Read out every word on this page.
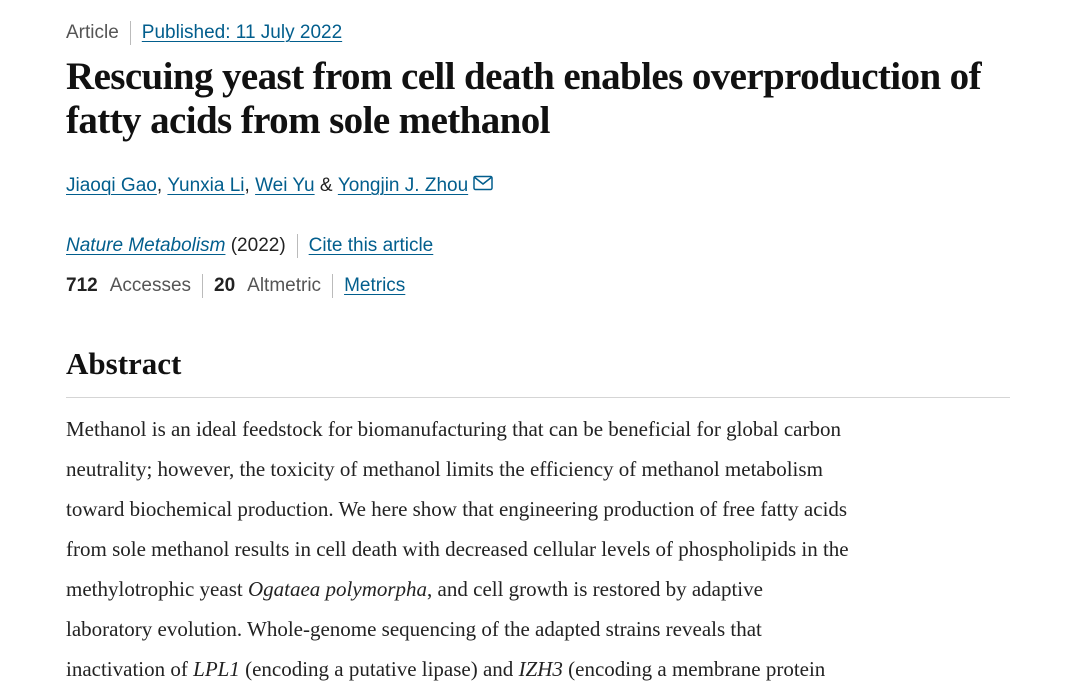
Article Published: 11 July 2022
Rescuing yeast from cell death enables overproduction of fatty acids from sole methanol
Jiaoqi Gao ,
Yunxia Li ,
Wei Yu
&
Yongjin J. Zhou
Nature Metabolism
(2022) Cite this article
712 Accesses 20 Altmetric Metrics
Abstract

Methanol is an ideal feedstock for biomanufacturing that can be beneficial for global carbon
neutrality; however, the toxicity of methanol limits the efficiency of methanol metabolism
toward biochemical production. We here show that engineering production of free fatty acids
from sole methanol results in cell death with decreased cellular levels of phospholipids in the
methylotrophic yeast Ogataea polymorpha, and cell growth is restored by adaptive
laboratory evolution. Whole-genome sequencing of the adapted strains reveals that
inactivation of LPL1 (encoding a putative lipase) and IZH3 (encoding a membrane protein
